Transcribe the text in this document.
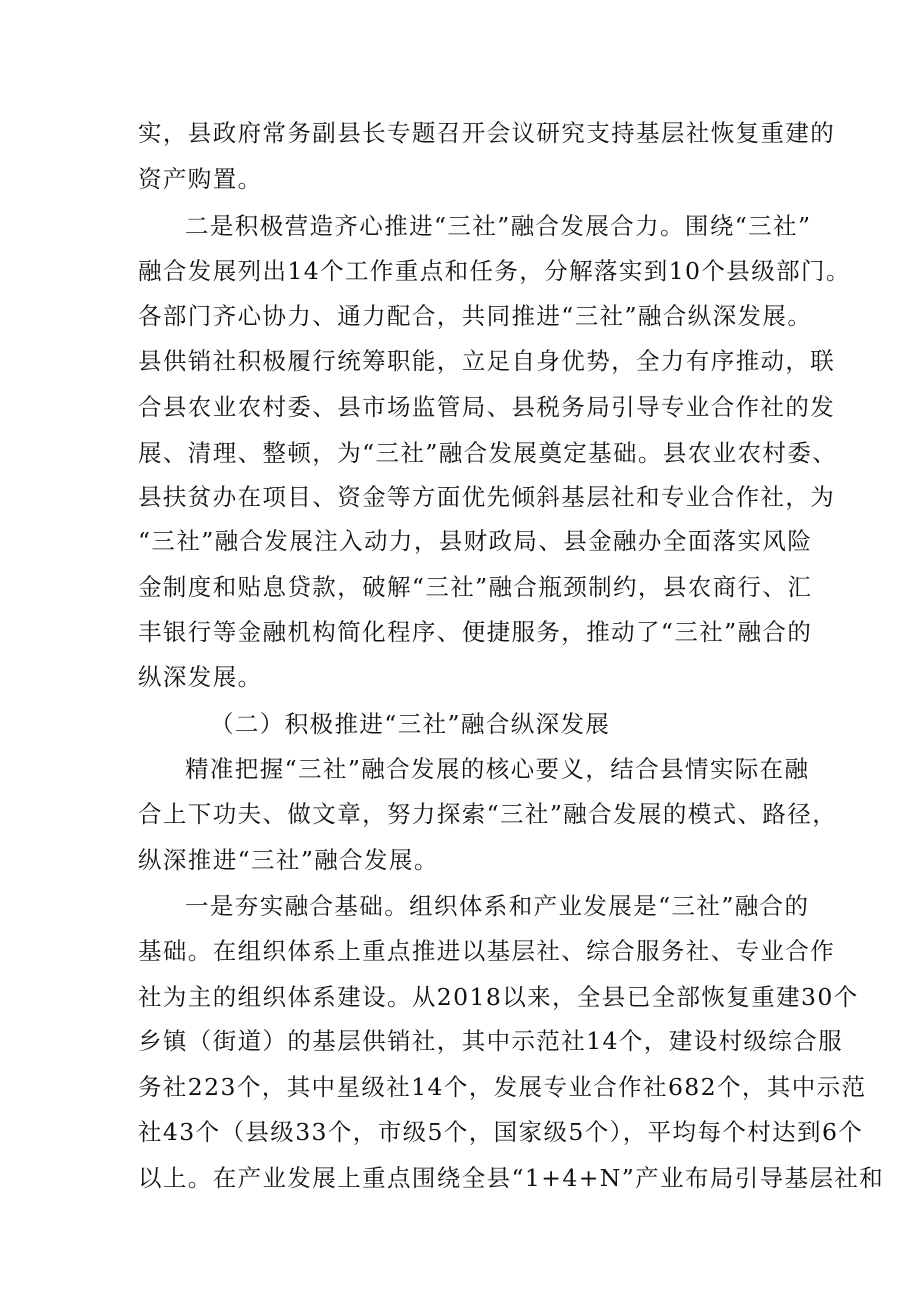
实，县政府常务副县长专题召开会议研究支持基层社恢复重建的
资产购置。
二是积极营造齐心推进“三社”融合发展合力。围绕“三社”
融合发展列出14个工作重点和任务，分解落实到10个县级部门。
各部门齐心协力、通力配合，共同推进“三社”融合纵深发展。
县供销社积极履行统筹职能，立足自身优势，全力有序推动，联
合县农业农村委、县市场监管局、县税务局引导专业合作社的发
展、清理、整顿，为“三社”融合发展奠定基础。县农业农村委、
县扶贫办在项目、资金等方面优先倾斜基层社和专业合作社，为
“三社”融合发展注入动力，县财政局、县金融办全面落实风险
金制度和贴息贷款，破解“三社”融合瓶颈制约，县农商行、汇
丰银行等金融机构简化程序、便捷服务，推动了“三社”融合的
纵深发展。
（二）积极推进“三社”融合纵深发展
精准把握“三社”融合发展的核心要义，结合县情实际在融
合上下功夫、做文章，努力探索“三社”融合发展的模式、路径，
纵深推进“三社”融合发展。
一是夯实融合基础。组织体系和产业发展是“三社”融合的
基础。在组织体系上重点推进以基层社、综合服务社、专业合作
社为主的组织体系建设。从2018以来，全县已全部恢复重建30个
乡镇（街道）的基层供销社，其中示范社14个，建设村级综合服
务社223个，其中星级社14个，发展专业合作社682个，其中示范
社43个（县级33个，市级5个，国家级5个），平均每个村达到6个
以上。在产业发展上重点围绕全县“1+4+N”产业布局引导基层社和
